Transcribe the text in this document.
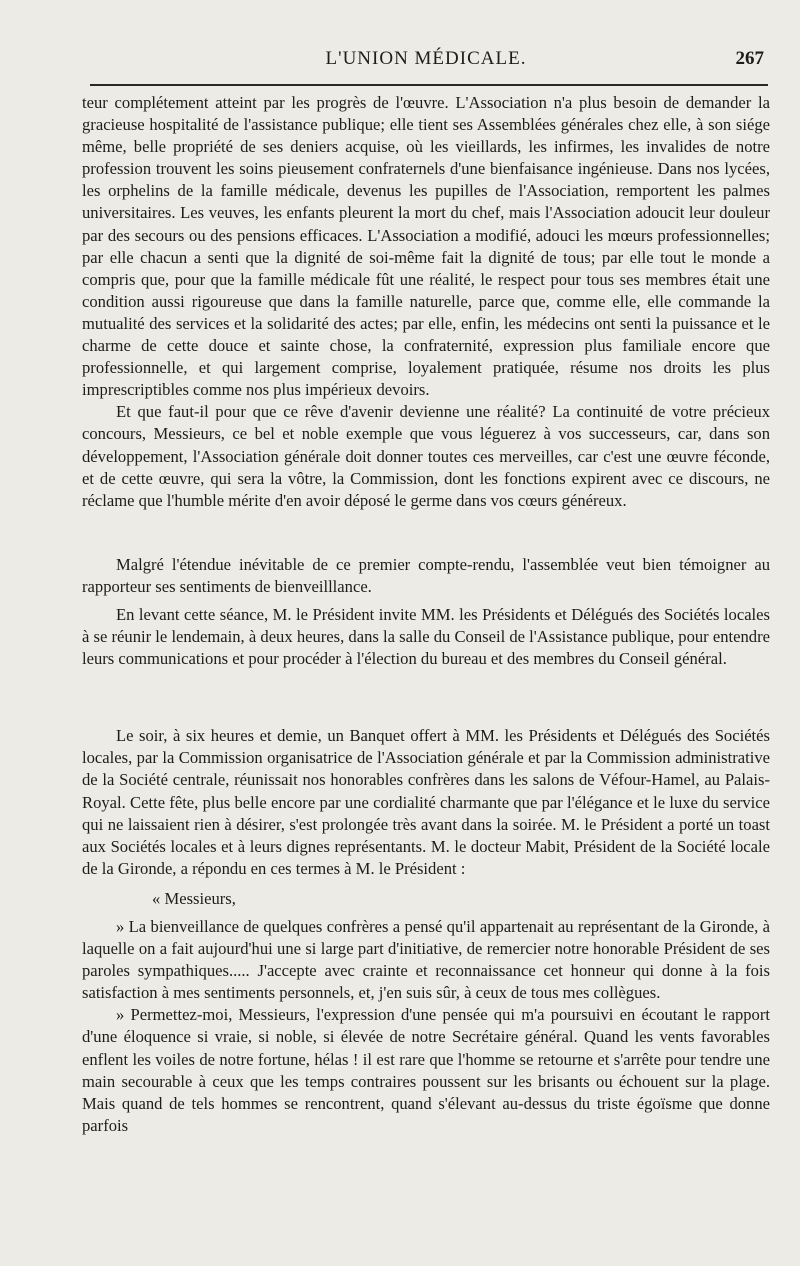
L'UNION MÉDICALE.	267

teur complétement atteint par les progrès de l'œuvre. L'Association n'a plus besoin de demander la gracieuse hospitalité de l'assistance publique; elle tient ses Assemblées générales chez elle, à son siége même, belle propriété de ses deniers acquise, où les vieillards, les infirmes, les invalides de notre profession trouvent les soins pieusement confraternels d'une bienfaisance ingénieuse. Dans nos lycées, les orphelins de la famille médicale, devenus les pupilles de l'Association, remportent les palmes universitaires. Les veuves, les enfants pleurent la mort du chef, mais l'Association adoucit leur douleur par des secours ou des pensions efficaces. L'Association a modifié, adouci les mœurs professionnelles; par elle chacun a senti que la dignité de soi-même fait la dignité de tous; par elle tout le monde a compris que, pour que la famille médicale fût une réalité, le respect pour tous ses membres était une condition aussi rigoureuse que dans la famille naturelle, parce que, comme elle, elle commande la mutualité des services et la solidarité des actes; par elle, enfin, les médecins ont senti la puissance et le charme de cette douce et sainte chose, la confraternité, expression plus familiale encore que professionnelle, et qui largement comprise, loyalement pratiquée, résume nos droits les plus imprescriptibles comme nos plus impérieux devoirs.

Et que faut-il pour que ce rêve d'avenir devienne une réalité? La continuité de votre précieux concours, Messieurs, ce bel et noble exemple que vous léguerez à vos successeurs, car, dans son développement, l'Association générale doit donner toutes ces merveilles, car c'est une œuvre féconde, et de cette œuvre, qui sera la vôtre, la Commission, dont les fonctions expirent avec ce discours, ne réclame que l'humble mérite d'en avoir déposé le germe dans vos cœurs généreux.

Malgré l'étendue inévitable de ce premier compte-rendu, l'assemblée veut bien témoigner au rapporteur ses sentiments de bienveilllance.

En levant cette séance, M. le Président invite MM. les Présidents et Délégués des Sociétés locales à se réunir le lendemain, à deux heures, dans la salle du Conseil de l'Assistance publique, pour entendre leurs communications et pour procéder à l'élection du bureau et des membres du Conseil général.

Le soir, à six heures et demie, un Banquet offert à MM. les Présidents et Délégués des Sociétés locales, par la Commission organisatrice de l'Association générale et par la Commission administrative de la Société centrale, réunissait nos honorables confrères dans les salons de Véfour-Hamel, au Palais-Royal. Cette fête, plus belle encore par une cordialité charmante que par l'élégance et le luxe du service qui ne laissaient rien à désirer, s'est prolongée très avant dans la soirée. M. le Président a porté un toast aux Sociétés locales et à leurs dignes représentants. M. le docteur Mabit, Président de la Société locale de la Gironde, a répondu en ces termes à M. le Président :

« Messieurs,

» La bienveillance de quelques confrères a pensé qu'il appartenait au représentant de la Gironde, à laquelle on a fait aujourd'hui une si large part d'initiative, de remercier notre honorable Président de ses paroles sympathiques..... J'accepte avec crainte et reconnaissance cet honneur qui donne à la fois satisfaction à mes sentiments personnels, et, j'en suis sûr, à ceux de tous mes collègues.

» Permettez-moi, Messieurs, l'expression d'une pensée qui m'a poursuivi en écoutant le rapport d'une éloquence si vraie, si noble, si élevée de notre Secrétaire général. Quand les vents favorables enflent les voiles de notre fortune, hélas ! il est rare que l'homme se retourne et s'arrête pour tendre une main secourable à ceux que les temps contraires poussent sur les brisants ou échouent sur la plage. Mais quand de tels hommes se rencontrent, quand s'élevant au-dessus du triste égoïsme que donne parfois
